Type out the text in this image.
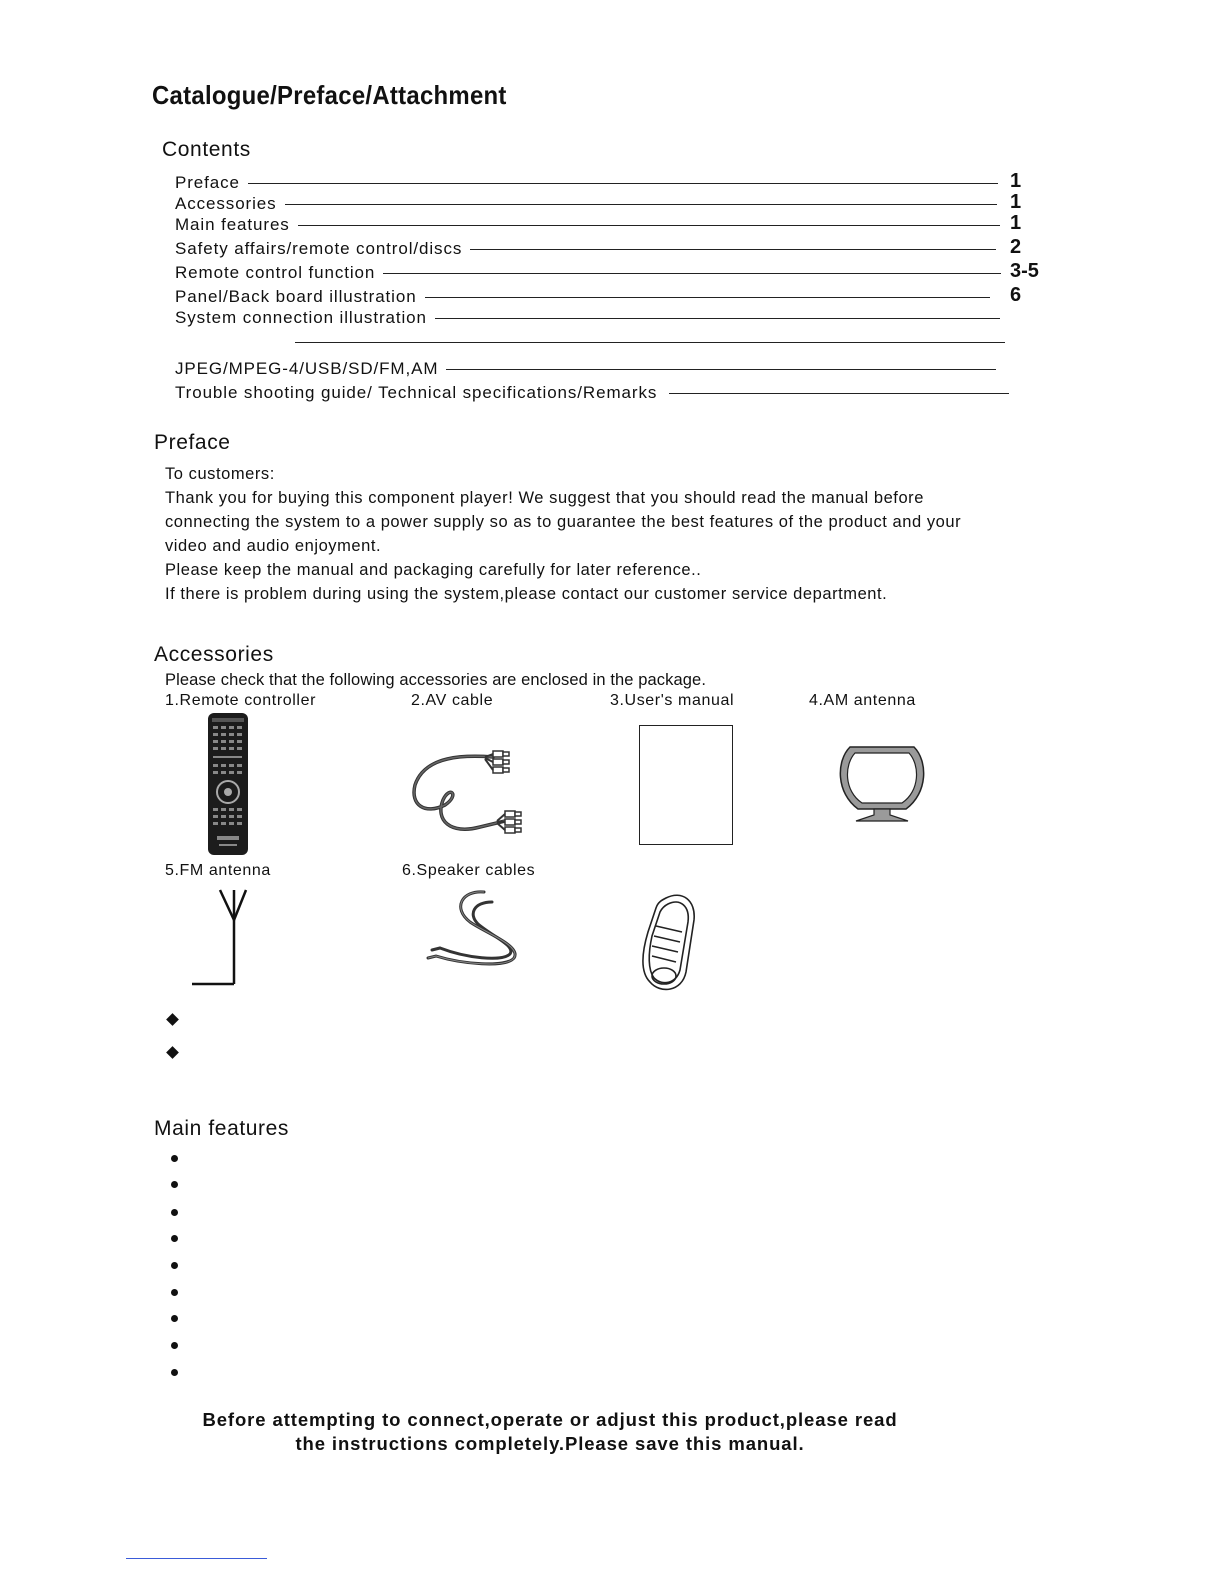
Catalogue/Preface/Attachment
Contents
Preface	1
Accessories	1
Main features	1
Safety affairs/remote control/discs	2
Remote control function	3-5
Panel/Back board illustration	6
System connection illustration
JPEG/MPEG-4/USB/SD/FM,AM
Trouble shooting guide/ Technical specifications/Remarks
Preface
To customers:
Thank you for buying this component player! We suggest that you should read the manual before
connecting the system to a power supply so as to guarantee the best features of the product and your
video and audio enjoyment.
Please keep the manual and packaging carefully for later reference..
If there is problem during using the system,please contact our customer service department.
Accessories
Please check that the following accessories are enclosed in the package.
1.Remote controller	2.AV cable	3.User's manual	4.AM antenna
5.FM antenna	6.Speaker cables
Main features
Before attempting to connect,operate or adjust this product,please read
the instructions completely.Please save this manual.
